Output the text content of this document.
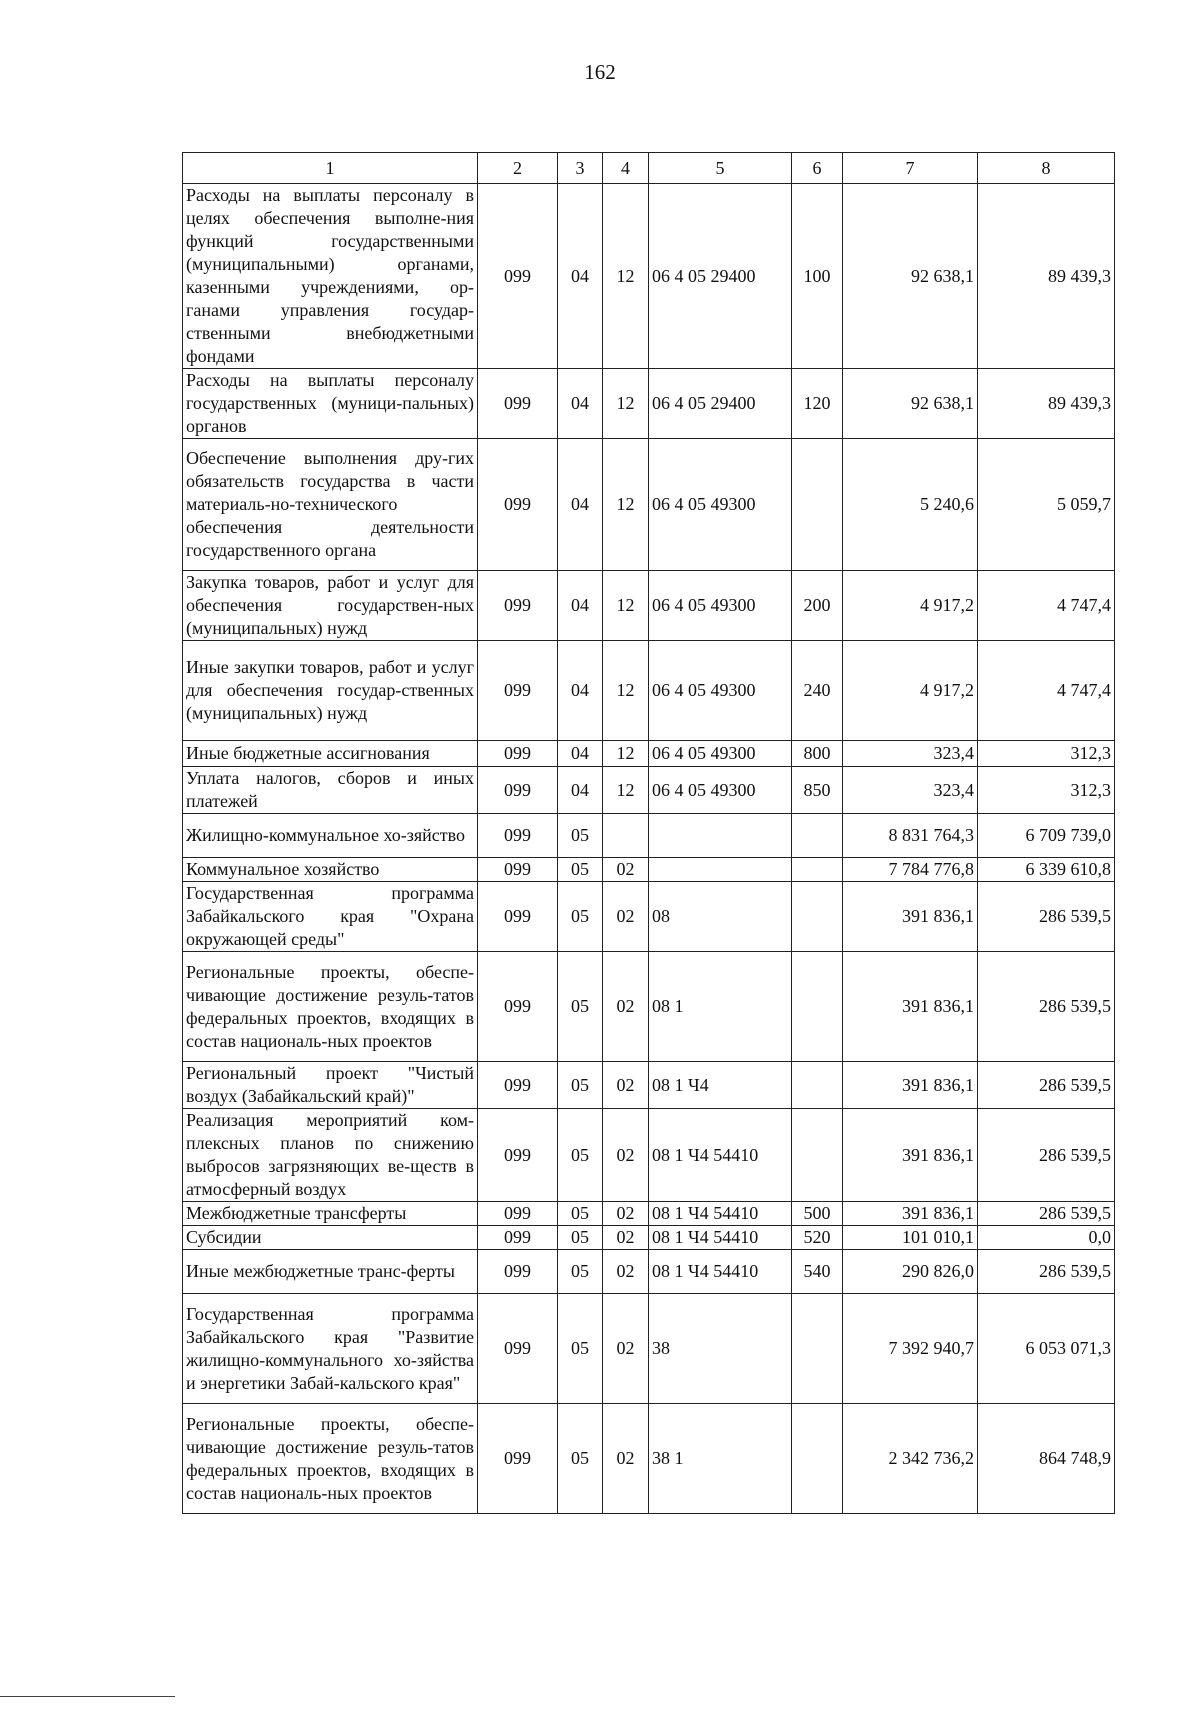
162
1	2	3	4	5	6	7	8
Расходы на выплаты персоналу в целях обеспечения выполне-ния функций государственными (муниципальными) органами, казенными учреждениями, ор-ганами управления государ-ственными внебюджетными фондами	099	04	12	06 4 05 29400	100	92 638,1	89 439,3
Расходы на выплаты персоналу государственных (муници-пальных) органов	099	04	12	06 4 05 29400	120	92 638,1	89 439,3
Обеспечение выполнения дру-гих обязательств государства в части материаль-но-технического обеспечения деятельности государственного органа	099	04	12	06 4 05 49300		5 240,6	5 059,7
Закупка товаров, работ и услуг для обеспечения государствен-ных (муниципальных) нужд	099	04	12	06 4 05 49300	200	4 917,2	4 747,4
Иные закупки товаров, работ и услуг для обеспечения государ-ственных (муниципальных) нужд	099	04	12	06 4 05 49300	240	4 917,2	4 747,4
Иные бюджетные ассигнования	099	04	12	06 4 05 49300	800	323,4	312,3
Уплата налогов, сборов и иных платежей	099	04	12	06 4 05 49300	850	323,4	312,3
Жилищно-коммунальное хо-зяйство	099	05				8 831 764,3	6 709 739,0
Коммунальное хозяйство	099	05	02			7 784 776,8	6 339 610,8
Государственная программа Забайкальского края "Охрана окружающей среды"	099	05	02	08		391 836,1	286 539,5
Региональные проекты, обеспе-чивающие достижение резуль-татов федеральных проектов, входящих в состав националь-ных проектов	099	05	02	08 1		391 836,1	286 539,5
Региональный проект "Чистый воздух (Забайкальский край)"	099	05	02	08 1 Ч4		391 836,1	286 539,5
Реализация мероприятий ком-плексных планов по снижению выбросов загрязняющих ве-ществ в атмосферный воздух	099	05	02	08 1 Ч4 54410		391 836,1	286 539,5
Межбюджетные трансферты	099	05	02	08 1 Ч4 54410	500	391 836,1	286 539,5
Субсидии	099	05	02	08 1 Ч4 54410	520	101 010,1	0,0
Иные межбюджетные транс-ферты	099	05	02	08 1 Ч4 54410	540	290 826,0	286 539,5
Государственная программа Забайкальского края "Развитие жилищно-коммунального хо-зяйства и энергетики Забай-кальского края"	099	05	02	38		7 392 940,7	6 053 071,3
Региональные проекты, обеспе-чивающие достижение резуль-татов федеральных проектов, входящих в состав националь-ных проектов	099	05	02	38 1		2 342 736,2	864 748,9
